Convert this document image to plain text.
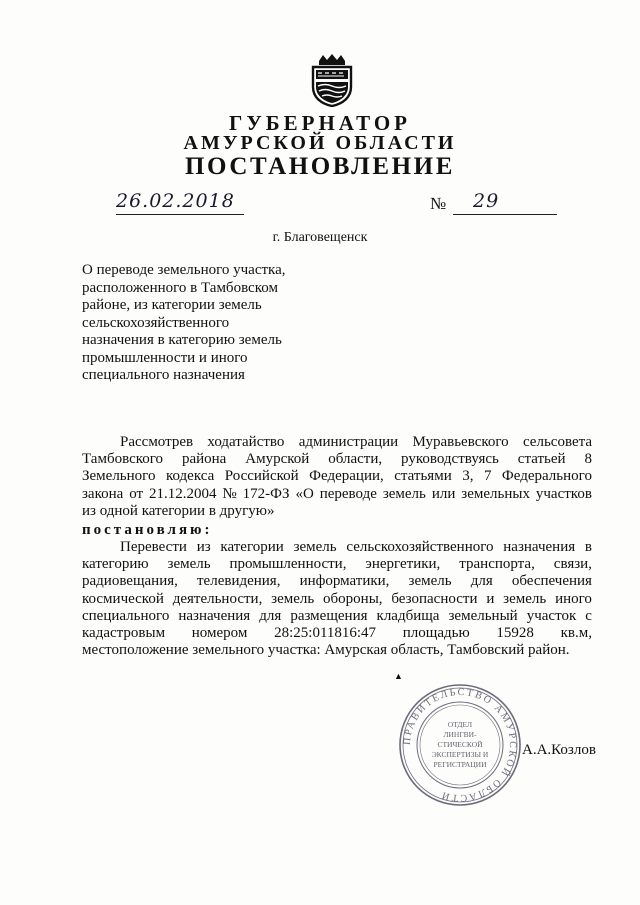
ГУБЕРНАТОР
АМУРСКОЙ ОБЛАСТИ
ПОСТАНОВЛЕНИЕ
26.02.2018	№ 29
г. Благовещенск
О переводе земельного участка,
расположенного в Тамбовском
районе, из категории земель
сельскохозяйственного
назначения в категорию земель
промышленности и иного
специального назначения
Рассмотрев ходатайство администрации Муравьевского сельсовета
Тамбовского района Амурской области, руководствуясь статьей 8
Земельного кодекса Российской Федерации, статьями 3, 7 Федерального
закона от 21.12.2004 № 172-ФЗ «О переводе земель или земельных участков
из одной категории в другую»
постановляю:
Перевести из категории земель сельскохозяйственного назначения в
категорию земель промышленности, энергетики, транспорта, связи,
радиовещания, телевидения, информатики, земель для обеспечения
космической деятельности, земель обороны, безопасности и земель иного
специального назначения для размещения кладбища земельный участок с
кадастровым номером 28:25:011816:47 площадью 15928 кв.м,
местоположение земельного участка: Амурская область, Тамбовский район.
▲
ПРАВИТЕЛЬСТВО АМУРСКОЙ ОБЛАСТИ
ОТДЕЛ
ЛИНГВИ-
СТИЧЕСКОЙ
ЭКСПЕРТИЗЫ И
РЕГИСТРАЦИИ
А.А.Козлов
